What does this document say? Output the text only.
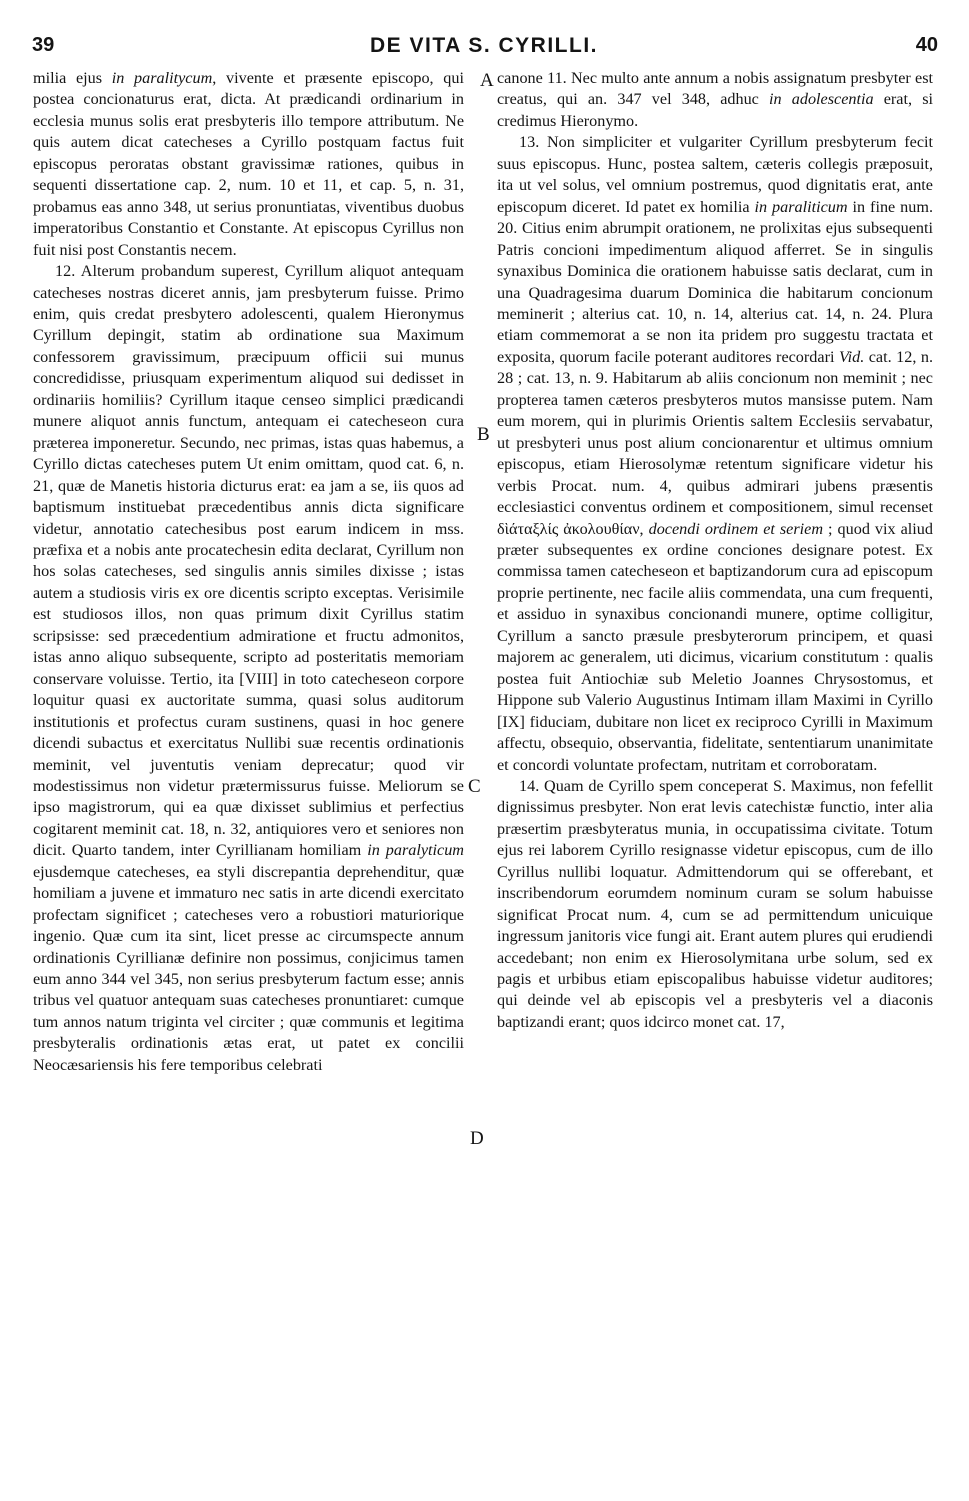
39	DE VITA S. CYRILLI.	40
A
B
C
D

milia ejus in paralitycum, vivente et præsente episcopo, qui postea concionaturus erat, dicta. At prædicandi ordinarium in ecclesia munus solis erat presbyteris illo tempore attributum. Ne quis autem dicat catecheses a Cyrillo postquam factus fuit episcopus peroratas obstant gravissimæ rationes, quibus in sequenti dissertatione cap. 2, num. 10 et 11, et cap. 5, n. 31, probamus eas anno 348, ut serius pronuntiatas, viventibus duobus imperatoribus Constantio et Constante. At episcopus Cyrillus non fuit nisi post Constantis necem.

12. Alterum probandum superest, Cyrillum aliquot antequam catecheses nostras diceret annis, jam presbyterum fuisse. Primo enim, quis credat presbytero adolescenti, qualem Hieronymus Cyrillum depingit, statim ab ordinatione sua Maximum confessorem gravissimum, præcipuum officii sui munus concredidisse, priusquam experimentum aliquod sui dedisset in ordinariis homiliis? Cyrillum itaque censeo simplici prædicandi munere aliquot annis functum, antequam ei catecheseon cura præterea imponeretur. Secundo, nec primas, istas quas habemus, a Cyrillo dictas catecheses putem Ut enim omittam, quod cat. 6, n. 21, quæ de Manetis historia dicturus erat: ea jam a se, iis quos ad baptismum instituebat præcedentibus annis dicta significare videtur, annotatio catechesibus post earum indicem in mss. præfixa et a nobis ante procatechesin edita declarat, Cyrillum non hos solas catecheses, sed singulis annis similes dixisse ; istas autem a studiosis viris ex ore dicentis scripto exceptas. Verisimile est studiosos illos, non quas primum dixit Cyrillus statim scripsisse: sed præcedentium admiratione et fructu admonitos, istas anno aliquo subsequente, scripto ad posteritatis memoriam conservare voluisse. Tertio, ita [VIII] in toto catecheseon corpore loquitur quasi ex auctoritate summa, quasi solus auditorum institutionis et profectus curam sustinens, quasi in hoc genere dicendi subactus et exercitatus Nullibi suæ recentis ordinationis meminit, vel juventutis veniam deprecatur; quod vir modestissimus non videtur prætermissurus fuisse. Meliorum se ipso magistrorum, qui ea quæ dixisset sublimius et perfectius cogitarent meminit cat. 18, n. 32, antiquiores vero et seniores non dicit. Quarto tandem, inter Cyrillianam homiliam in paralyticum ejusdemque catecheses, ea styli discrepantia deprehenditur, quæ homiliam a juvene et immaturo nec satis in arte dicendi exercitato profectam significet ; catecheses vero a robustiori maturiorique ingenio. Quæ cum ita sint, licet presse ac circumspecte annum ordinationis Cyrillianæ definire non possimus, conjicimus tamen eum anno 344 vel 345, non serius presbyterum factum esse; annis tribus vel quatuor antequam suas catecheses pronuntiaret: cumque tum annos natum triginta vel circiter ; quæ communis et legitima presbyteralis ordinationis ætas erat, ut patet ex concilii Neocæsariensis his fere temporibus celebrati

canone 11. Nec multo ante annum a nobis assignatum presbyter est creatus, qui an. 347 vel 348, adhuc in adolescentia erat, si credimus Hieronymo.

13. Non simpliciter et vulgariter Cyrillum presbyterum fecit suus episcopus. Hunc, postea saltem, cæteris collegis præposuit, ita ut vel solus, vel omnium postremus, quod dignitatis erat, ante episcopum diceret. Id patet ex homilia in paraliticum in fine num. 20. Citius enim abrumpit orationem, ne prolixitas ejus subsequenti Patris concioni impedimentum aliquod afferret. Se in singulis synaxibus Dominica die orationem habuisse satis declarat, cum in una Quadragesima duarum Dominica die habitarum concionum meminerit ; alterius cat. 10, n. 14, alterius cat. 14, n. 24. Plura etiam commemorat a se non ita pridem pro suggestu tractata et exposita, quorum facile poterant auditores recordari Vid. cat. 12, n. 28 ; cat. 13, n. 9. Habitarum ab aliis concionum non meminit ; nec propterea tamen cæteros presbyteros mutos mansisse putem. Nam eum morem, qui in plurimis Orientis saltem Ecclesiis servabatur, ut presbyteri unus post alium concionarentur et ultimus omnium episcopus, etiam Hierosolymæ retentum significare videtur his verbis Procat. num. 4, quibus admirari jubens præsentis ecclesiastici conventus ordinem et compositionem, simul recenset δὶάταξλίς ἀκολουθίαν, docendi ordinem et seriem ; quod vix aliud præter subsequentes ex ordine conciones designare potest. Ex commissa tamen catecheseon et baptizandorum cura ad episcopum proprie pertinente, nec facile aliis commendata, una cum frequenti, et assiduo in synaxibus concionandi munere, optime colligitur, Cyrillum a sancto præsule presbyterorum principem, et quasi majorem ac generalem, uti dicimus, vicarium constitutum : qualis postea fuit Antiochiæ sub Meletio Joannes Chrysostomus, et Hippone sub Valerio Augustinus Intimam illam Maximi in Cyrillo [IX] fiduciam, dubitare non licet ex reciproco Cyrilli in Maximum affectu, obsequio, observantia, fidelitate, sententiarum unanimitate et concordi voluntate profectam, nutritam et corroboratam.

14. Quam de Cyrillo spem conceperat S. Maximus, non fefellit dignissimus presbyter. Non erat levis catechistæ functio, inter alia præsertim præsbyteratus munia, in occupatissima civitate. Totum ejus rei laborem Cyrillo resignasse videtur episcopus, cum de illo Cyrillus nullibi loquatur. Admittendorum qui se offerebant, et inscribendorum eorumdem nominum curam se solum habuisse significat Procat num. 4, cum se ad permittendum unicuique ingressum janitoris vice fungi ait. Erant autem plures qui erudiendi accedebant; non enim ex Hierosolymitana urbe solum, sed ex pagis et urbibus etiam episcopalibus habuisse videtur auditores; qui deinde vel ab episcopis vel a presbyteris vel a diaconis baptizandi erant; quos idcirco monet cat. 17,
